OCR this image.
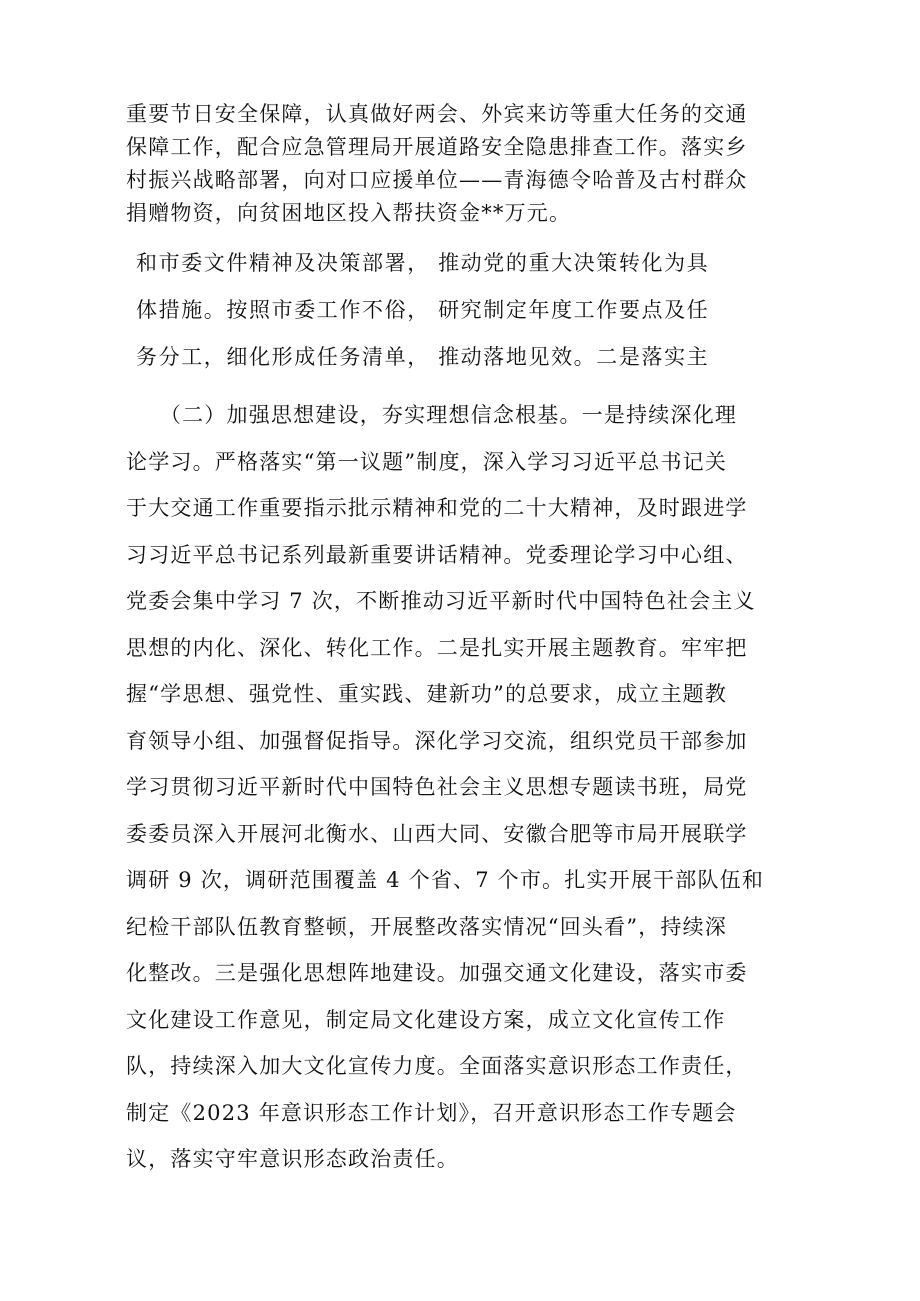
重要节日安全保障，认真做好两会、外宾来访等重大任务的交通
保障工作，配合应急管理局开展道路安全隐患排查工作。落实乡
村振兴战略部署，向对口应援单位——青海德令哈普及古村群众
捐赠物资，向贫困地区投入帮扶资金**万元。
和市委文件精神及决策部署， 推动党的重大决策转化为具
体措施。按照市委工作不俗， 研究制定年度工作要点及任
务分工，细化形成任务清单， 推动落地见效。二是落实主
　　（二）加强思想建设，夯实理想信念根基。一是持续深化理
论学习。严格落实“第一议题”制度，深入学习习近平总书记关
于大交通工作重要指示批示精神和党的二十大精神，及时跟进学
习习近平总书记系列最新重要讲话精神。党委理论学习中心组、
党委会集中学习 7 次，不断推动习近平新时代中国特色社会主义
思想的内化、深化、转化工作。二是扎实开展主题教育。牢牢把
握“学思想、强党性、重实践、建新功”的总要求，成立主题教
育领导小组、加强督促指导。深化学习交流，组织党员干部参加
学习贯彻习近平新时代中国特色社会主义思想专题读书班，局党
委委员深入开展河北衡水、山西大同、安徽合肥等市局开展联学
调研 9 次，调研范围覆盖 4 个省、7 个市。扎实开展干部队伍和
纪检干部队伍教育整顿，开展整改落实情况“回头看”，持续深
化整改。三是强化思想阵地建设。加强交通文化建设，落实市委
文化建设工作意见，制定局文化建设方案，成立文化宣传工作
队，持续深入加大文化宣传力度。全面落实意识形态工作责任，
制定《2023 年意识形态工作计划》，召开意识形态工作专题会
议，落实守牢意识形态政治责任。
